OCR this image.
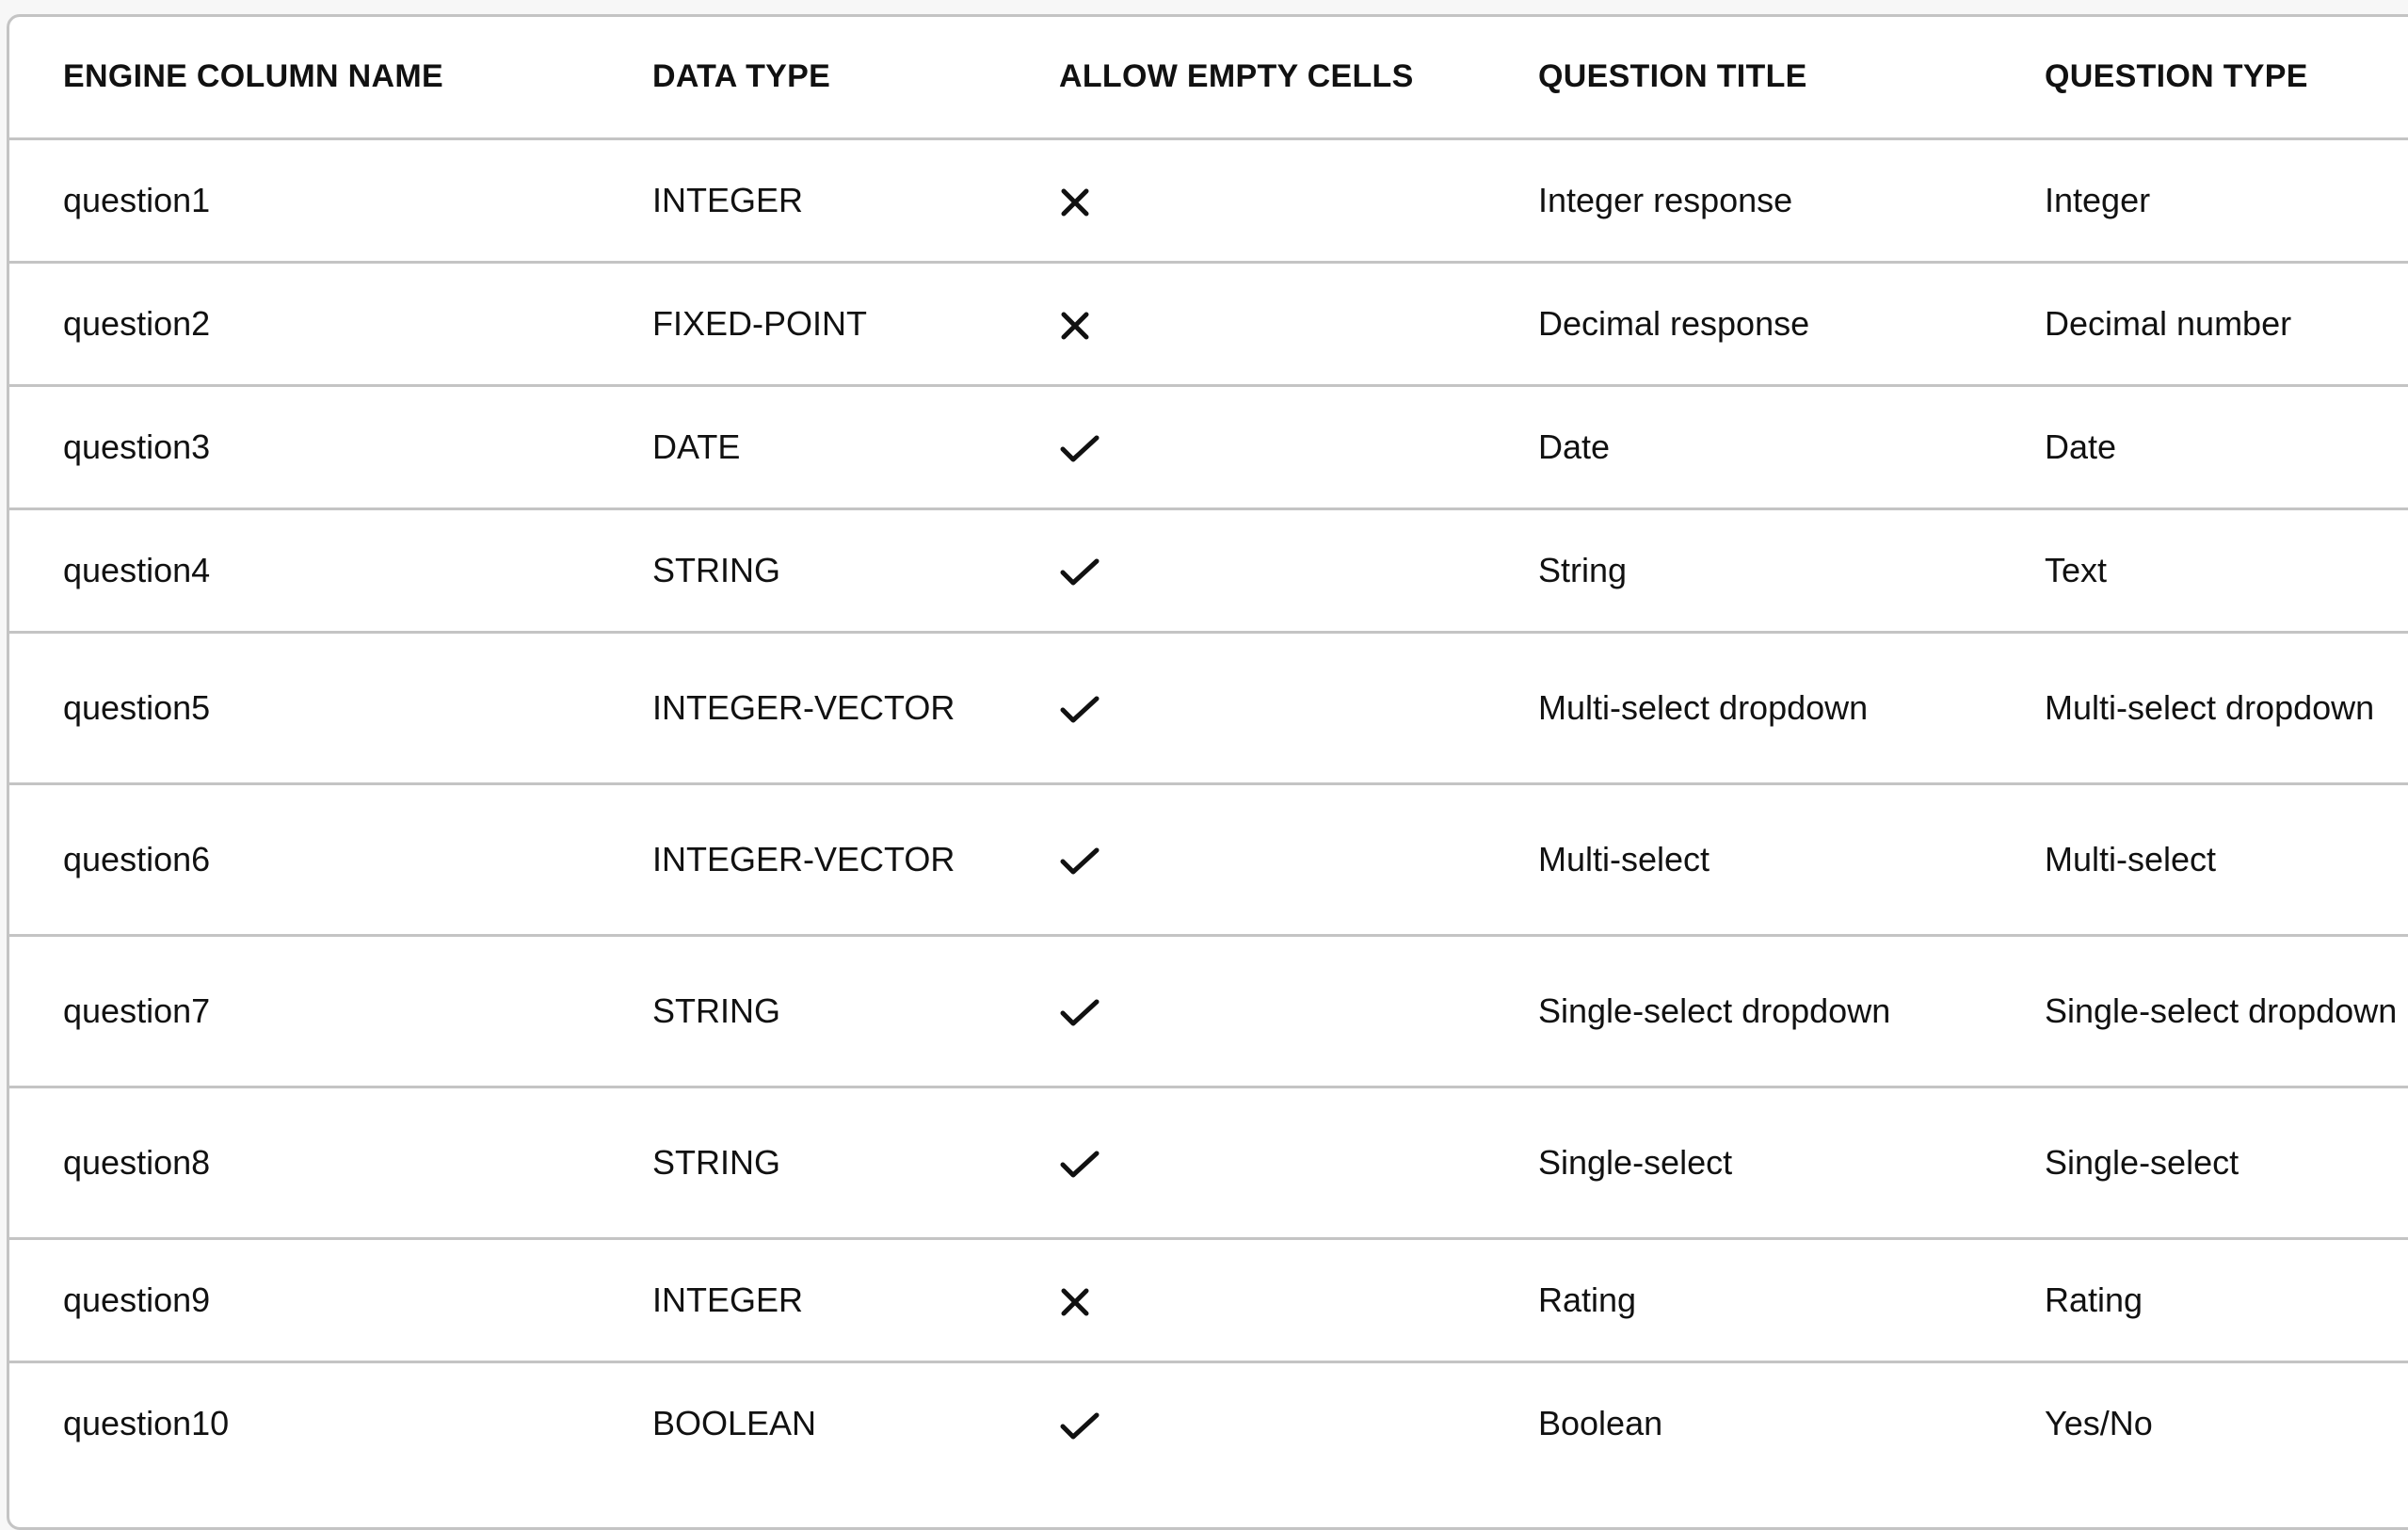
ENGINE COLUMN NAME	DATA TYPE	ALLOW EMPTY CELLS	QUESTION TITLE	QUESTION TYPE
question1	INTEGER		Integer response	Integer
question2	FIXED-POINT		Decimal response	Decimal number
question3	DATE		Date	Date
question4	STRING		String	Text
question5	INTEGER-VECTOR		Multi-select dropdown	Multi-select dropdown
question6	INTEGER-VECTOR		Multi-select	Multi-select
question7	STRING		Single-select dropdown	Single-select dropdown
question8	STRING		Single-select	Single-select
question9	INTEGER		Rating	Rating
question10	BOOLEAN		Boolean	Yes/No
